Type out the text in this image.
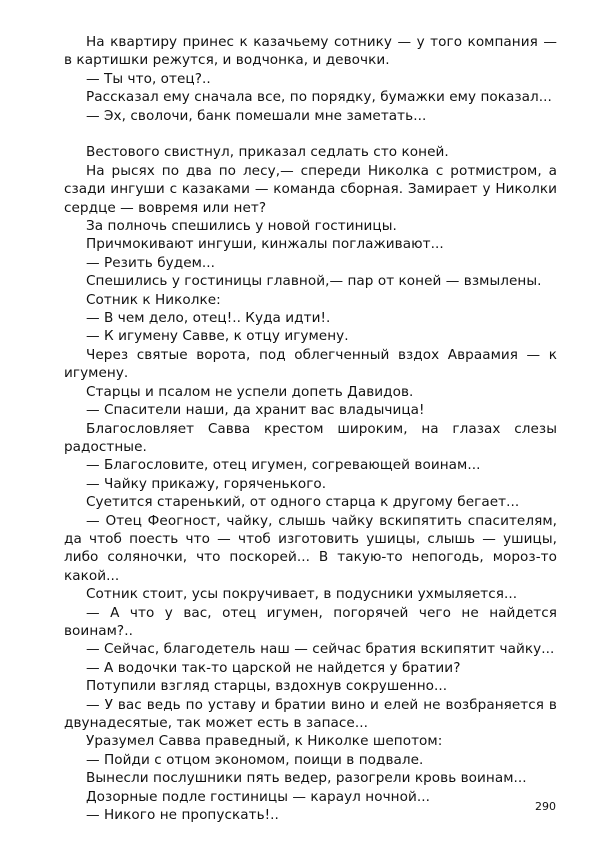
На квартиру принес к казачьему сотнику — у того компания — в картишки режутся, и водчонка, и девочки.

— Ты что, отец?..

Рассказал ему сначала все, по порядку, бумажки ему показал...

— Эх, сволочи, банк помешали мне заметать...

Вестового свистнул, приказал седлать сто коней.

На рысях по два по лесу,— спереди Николка с ротмистром, а сзади ингуши с казаками — команда сборная. Замирает у Николки сердце — вовремя или нет?

За полночь спешились у новой гостиницы.

Причмокивают ингуши, кинжалы поглаживают...

— Резить будем...

Спешились у гостиницы главной,— пар от коней — взмылены.

Сотник к Николке:

— В чем дело, отец!.. Куда идти!.

— К игумену Савве, к отцу игумену.

Через святые ворота, под облегченный вздох Авраамия — к игумену.

Старцы и псалом не успели допеть Давидов.

— Спасители наши, да хранит вас владычица!

Благословляет Савва крестом широким, на глазах слезы радостные.

— Благословите, отец игумен, согревающей воинам...

— Чайку прикажу, горяченького.

Суетится старенький, от одного старца к другому бегает...

— Отец Феогност, чайку, слышь чайку вскипятить спасителям, да чтоб поесть что — чтоб изготовить ушицы, слышь — ушицы, либо соляночки, что поскорей... В такую-то непогодь, мороз-то какой...

Сотник стоит, усы покручивает, в подусники ухмыляется...

— А что у вас, отец игумен, погорячей чего не найдется воинам?..

— Сейчас, благодетель наш — сейчас братия вскипятит чайку...

— А водочки так-то царской не найдется у братии?

Потупили взгляд старцы, вздохнув сокрушенно...

— У вас ведь по уставу и братии вино и елей не возбраняется в двунадесятые, так может есть в запасе...

Уразумел Савва праведный, к Николке шепотом:

— Пойди с отцом экономом, поищи в подвале.

Вынесли послушники пять ведер, разогрели кровь воинам...

Дозорные подле гостиницы — караул ночной...

— Никого не пропускать!..

290
